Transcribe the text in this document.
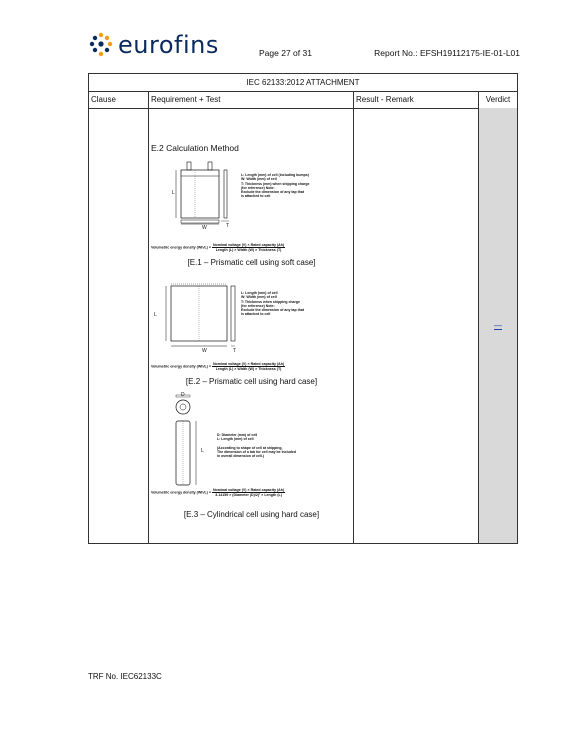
eurofins	Page 27 of 31	Report No.: EFSH19112175-IE-01-L01
IEC 62133:2012 ATTACHMENT
Clause	Requirement + Test	Result - Remark	Verdict
E.2 Calculation Method
L
W	T
L: Length (mm) of cell (including bumps)
W: Width (mm) of cell
T: Thickness (mm) when shipping charge
(for reference) Note:
Exclude the dimension of any tap that
is attached to cell
Volumetric energy density $(Wh/L) = \frac{\text{Nominal voltage (V) × Rated capacity (Ah)}}{\text{Length (L) × Width (W) × Thickness (T)}}$
[E.1 – Prismatic cell using soft case]
L
W	T
L: Length (mm) of cell
W: Width (mm) of cell
T: Thickness when shipping charge
(for reference) Note:
Exclude the dimension of any tap that
is attached to cell
Volumetric energy density $(Wh/L) = \frac{\text{Nominal voltage (V) × Rated capacity (Ah)}}{\text{Length (L) × Width (W) × Thickness (T)}}$
[E.2 – Prismatic cell using hard case]
D
L
D: Diameter (mm) of cell
L: Length (mm) of cell

(According to shape of cell at shipping,
The dimension of a tab for cell may be included
in overall dimension of cell.)
Volumetric energy density $(Wh/L) = \frac{\text{Nominal voltage (V) × Rated capacity (Ah)}}{\text{3.14159 × (Diameter (D)/2)² × Length (L)}}$
[E.3 – Cylindrical cell using hard case]
—
TRF No. IEC62133C
